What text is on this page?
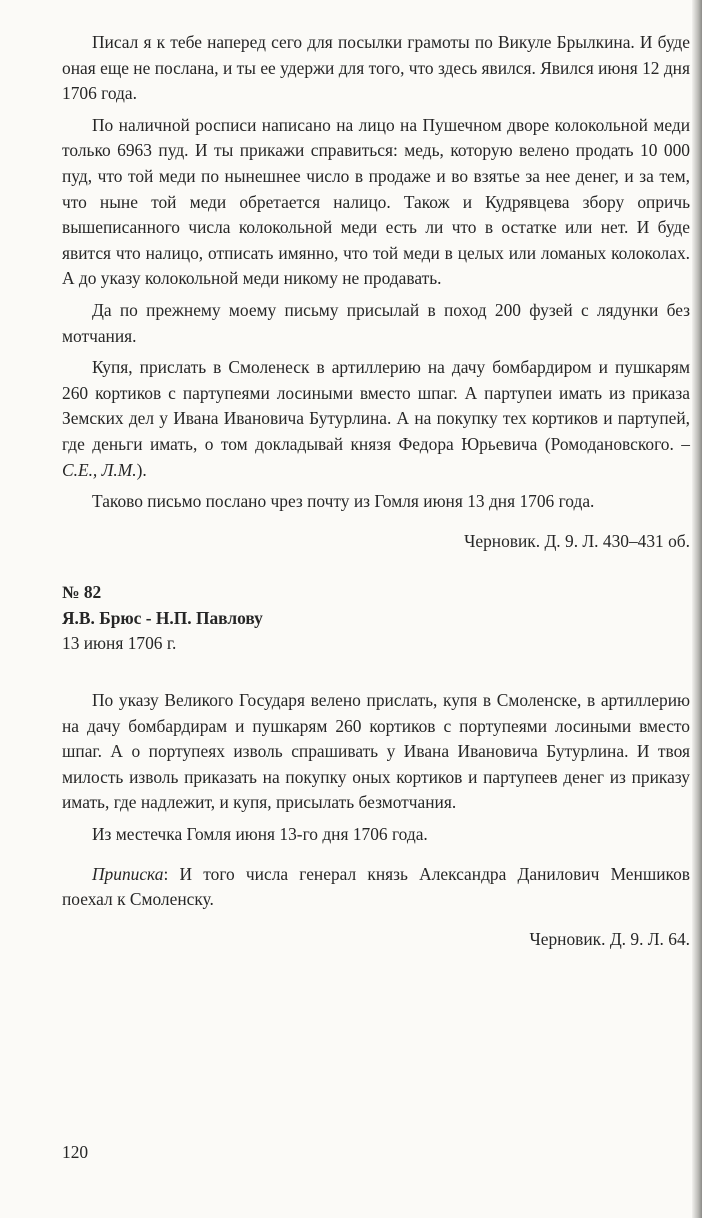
Писал я к тебе наперед сего для посылки грамоты по Викуле Брылкина. И буде оная еще не послана, и ты ее удержи для того, что здесь явился. Явился июня 12 дня 1706 года.

По наличной росписи написано на лицо на Пушечном дворе колокольной меди только 6963 пуд. И ты прикажи справиться: медь, которую велено продать 10 000 пуд, что той меди по нынешнее число в продаже и во взятье за нее денег, и за тем, что ныне той меди обретается налицо. Також и Кудрявцева збору опричь вышеписанного числа колокольной меди есть ли что в остатке или нет. И буде явится что налицо, отписать имянно, что той меди в целых или ломаных колоколах. А до указу колокольной меди никому не продавать.

Да по прежнему моему письму присылай в поход 200 фузей с лядунки без мотчания.

Купя, прислать в Смоленеск в артиллерию на дачу бомбардиром и пушкарям 260 кортиков с партупеями лосиными вместо шпаг. А партупеи имать из приказа Земских дел у Ивана Ивановича Бутурлина. А на покупку тех кортиков и партупей, где деньги имать, о том докладывай князя Федора Юрьевича (Ромодановского. – С.Е., Л.М.).

Таково письмо послано чрез почту из Гомля июня 13 дня 1706 года.

Черновик. Д. 9. Л. 430–431 об.

№ 82
Я.В. Брюс - Н.П. Павлову
13 июня 1706 г.

По указу Великого Государя велено прислать, купя в Смоленске, в артиллерию на дачу бомбардирам и пушкарям 260 кортиков с портупеями лосиными вместо шпаг. А о портупеях изволь спрашивать у Ивана Ивановича Бутурлина. И твоя милость изволь приказать на покупку оных кортиков и партупеев денег из приказу имать, где надлежит, и купя, присылать безмотчания.

Из местечка Гомля июня 13-го дня 1706 года.

Приписка: И того числа генерал князь Александра Данилович Меншиков поехал к Смоленску.

Черновик. Д. 9. Л. 64.

120
